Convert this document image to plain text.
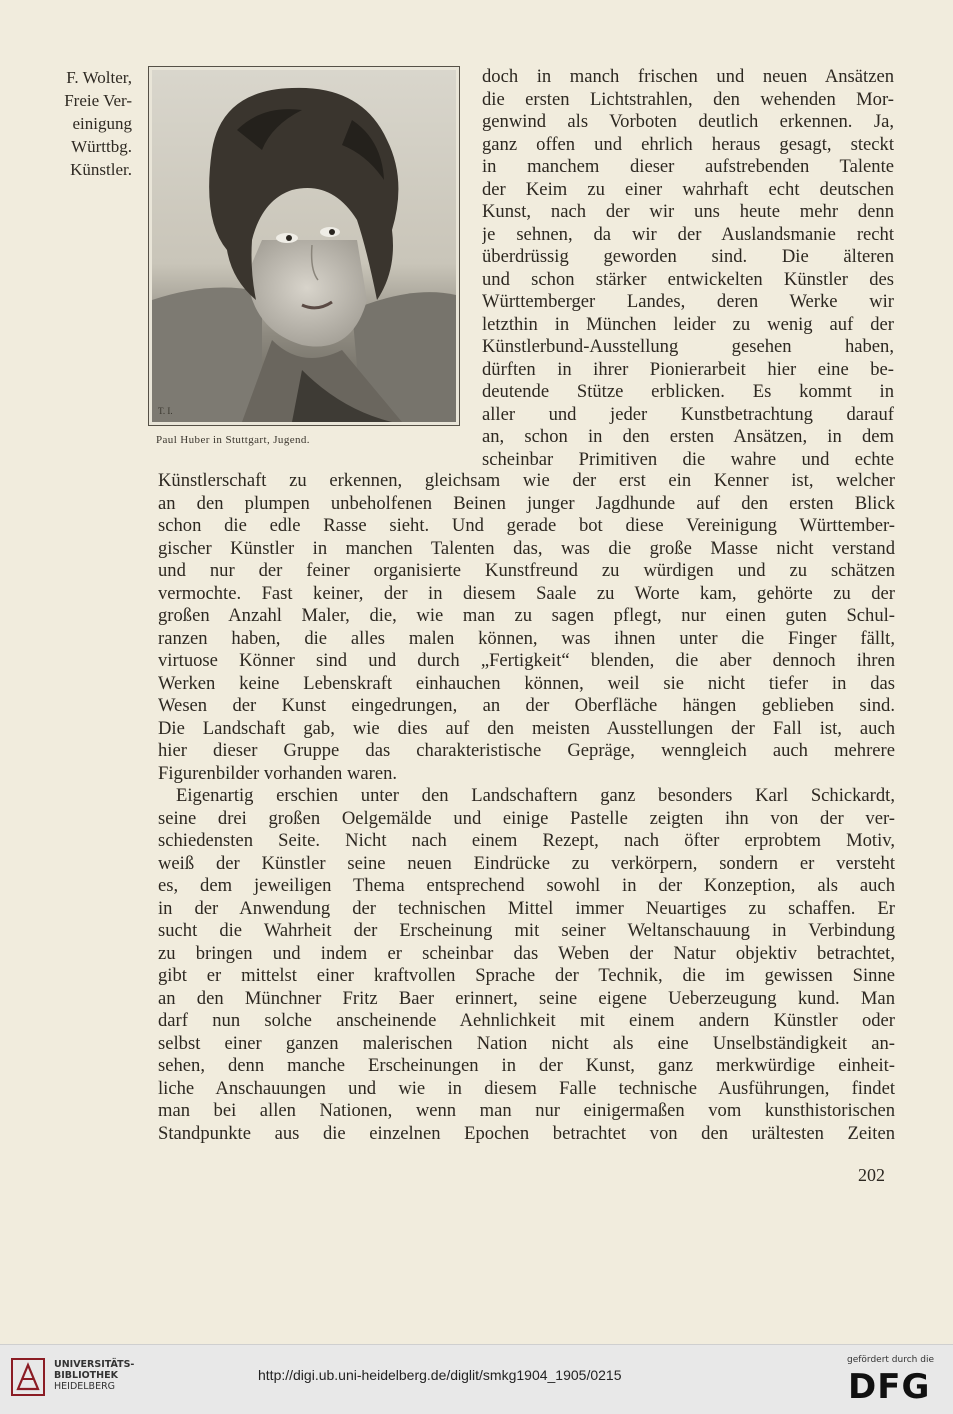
F. Wolter,
Freie Ver-
einigung
Württbg.
Künstler.
T. I.
Paul Huber in Stuttgart, Jugend.
doch in manch frischen und neuen Ansätzen
die ersten Lichtstrahlen, den wehenden Mor-
genwind als Vorboten deutlich erkennen. Ja,
ganz offen und ehrlich heraus gesagt, steckt
in manchem dieser aufstrebenden Talente
der Keim zu einer wahrhaft echt deutschen
Kunst, nach der wir uns heute mehr denn
je sehnen, da wir der Auslandsmanie recht
überdrüssig geworden sind. Die älteren
und schon stärker entwickelten Künstler des
Württemberger Landes, deren Werke wir
letzthin in München leider zu wenig auf der
Künstlerbund-Ausstellung gesehen haben,
dürften in ihrer Pionierarbeit hier eine be-
deutende Stütze erblicken. Es kommt in
aller und jeder Kunstbetrachtung darauf
an, schon in den ersten Ansätzen, in dem
scheinbar Primitiven die wahre und echte
Künstlerschaft zu erkennen, gleichsam wie der erst ein Kenner ist, welcher
an den plumpen unbeholfenen Beinen junger Jagdhunde auf den ersten Blick
schon die edle Rasse sieht. Und gerade bot diese Vereinigung Württember-
gischer Künstler in manchen Talenten das, was die große Masse nicht verstand
und nur der feiner organisierte Kunstfreund zu würdigen und zu schätzen
vermochte. Fast keiner, der in diesem Saale zu Worte kam, gehörte zu der
großen Anzahl Maler, die, wie man zu sagen pflegt, nur einen guten Schul-
ranzen haben, die alles malen können, was ihnen unter die Finger fällt,
virtuose Könner sind und durch „Fertigkeit“ blenden, die aber dennoch ihren
Werken keine Lebenskraft einhauchen können, weil sie nicht tiefer in das
Wesen der Kunst eingedrungen, an der Oberfläche hängen geblieben sind.
Die Landschaft gab, wie dies auf den meisten Ausstellungen der Fall ist, auch
hier dieser Gruppe das charakteristische Gepräge, wenngleich auch mehrere
Figurenbilder vorhanden waren.
Eigenartig erschien unter den Landschaftern ganz besonders Karl Schickardt,
seine drei großen Oelgemälde und einige Pastelle zeigten ihn von der ver-
schiedensten Seite. Nicht nach einem Rezept, nach öfter erprobtem Motiv,
weiß der Künstler seine neuen Eindrücke zu verkörpern, sondern er versteht
es, dem jeweiligen Thema entsprechend sowohl in der Konzeption, als auch
in der Anwendung der technischen Mittel immer Neuartiges zu schaffen. Er
sucht die Wahrheit der Erscheinung mit seiner Weltanschauung in Verbindung
zu bringen und indem er scheinbar das Weben der Natur objektiv betrachtet,
gibt er mittelst einer kraftvollen Sprache der Technik, die im gewissen Sinne
an den Münchner Fritz Baer erinnert, seine eigene Ueberzeugung kund. Man
darf nun solche anscheinende Aehnlichkeit mit einem andern Künstler oder
selbst einer ganzen malerischen Nation nicht als eine Unselbständigkeit an-
sehen, denn manche Erscheinungen in der Kunst, ganz merkwürdige einheit-
liche Anschauungen und wie in diesem Falle technische Ausführungen, findet
man bei allen Nationen, wenn man nur einigermaßen vom kunsthistorischen
Standpunkte aus die einzelnen Epochen betrachtet von den urältesten Zeiten
202
UNIVERSITÄTS-
BIBLIOTHEK
HEIDELBERG
http://digi.ub.uni-heidelberg.de/diglit/smkg1904_1905/0215
gefördert durch die
DFG
